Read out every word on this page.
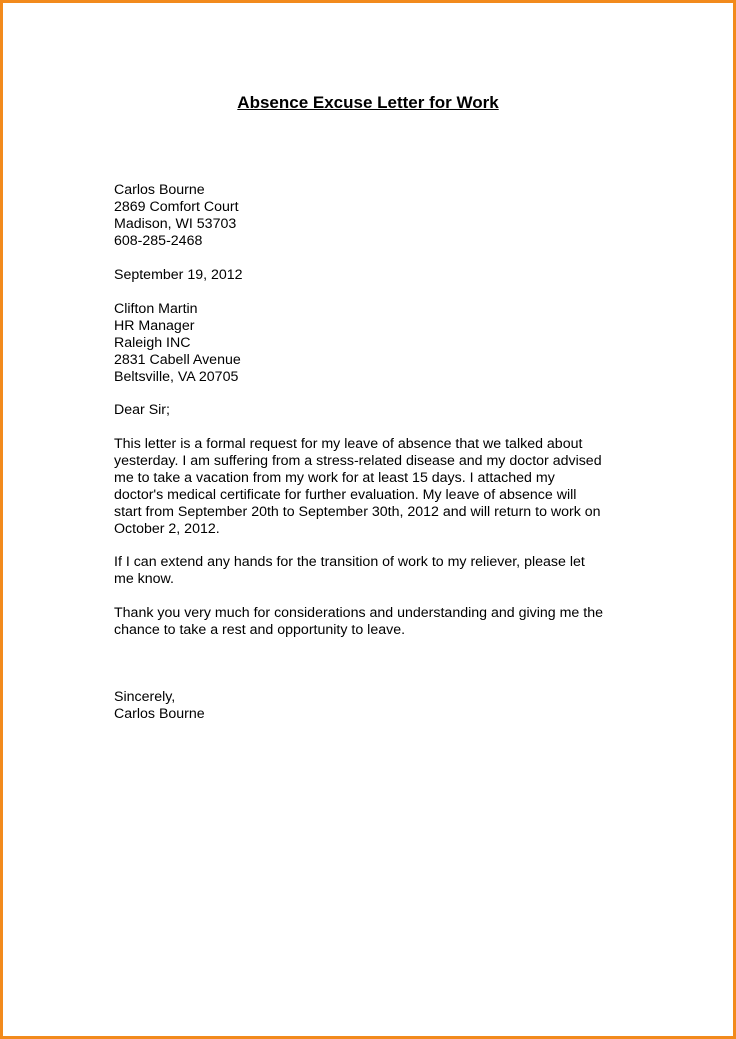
Absence Excuse Letter for Work
Carlos Bourne
2869 Comfort Court
Madison, WI 53703
608-285-2468
September 19, 2012
Clifton Martin
HR Manager
Raleigh INC
2831 Cabell Avenue
Beltsville, VA 20705
Dear Sir;
This letter is a formal request for my leave of absence that we talked about
yesterday. I am suffering from a stress-related disease and my doctor advised
me to take a vacation from my work for at least 15 days. I attached my
doctor's medical certificate for further evaluation. My leave of absence will
start from September 20th to September 30th, 2012 and will return to work on
October 2, 2012.
If I can extend any hands for the transition of work to my reliever, please let
me know.
Thank you very much for considerations and understanding and giving me the
chance to take a rest and opportunity to leave.
Sincerely,
Carlos Bourne
